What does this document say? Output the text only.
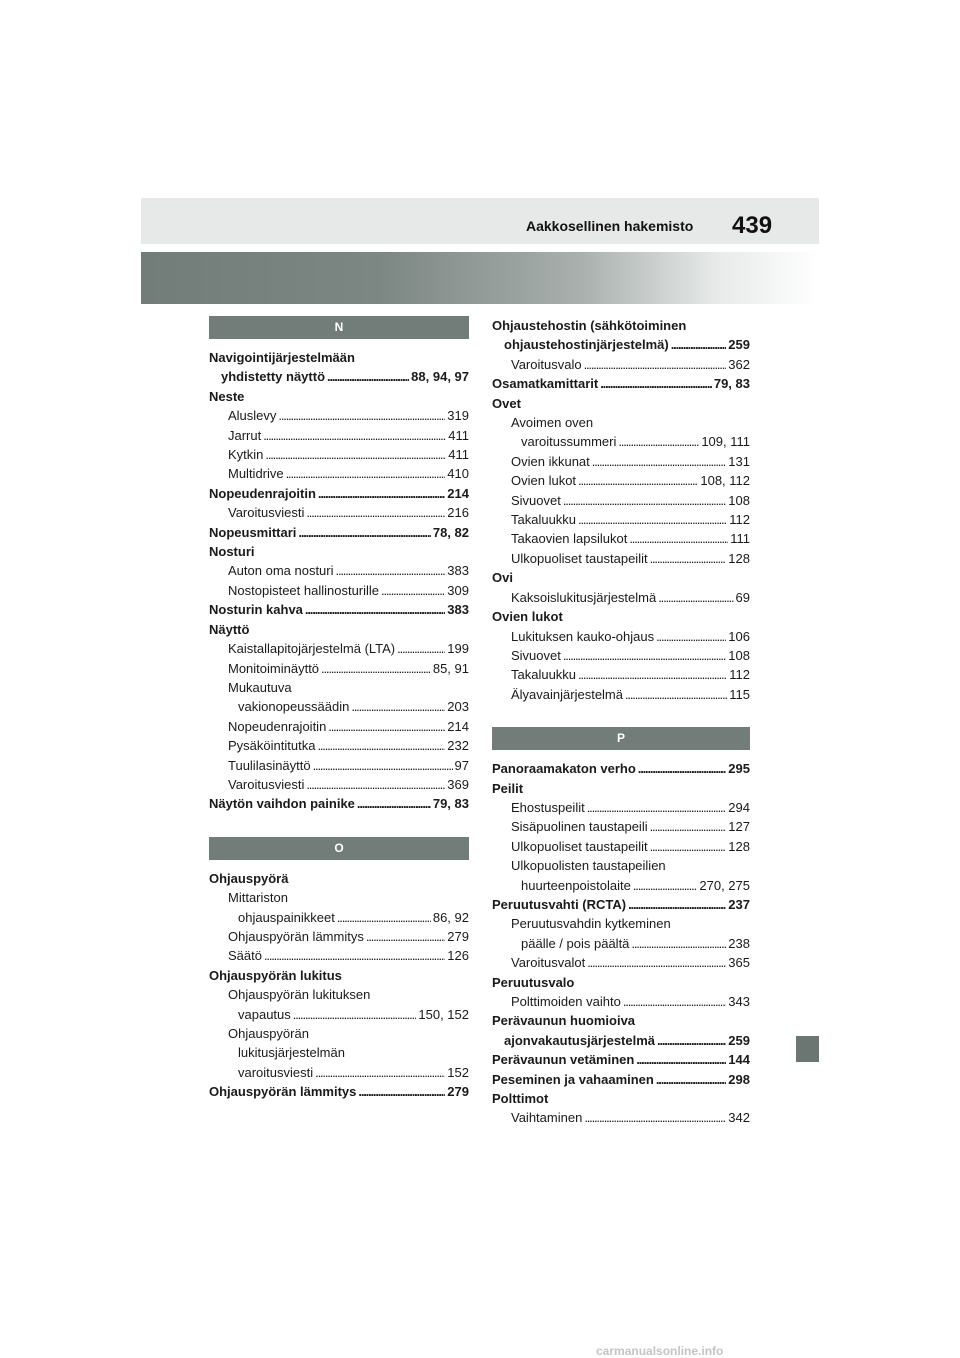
Aakkosellinen hakemisto 439
N
Navigointijärjestelmään
yhdistetty näyttö . . .	88, 94, 97
Neste
Aluslevy . . .	319
Jarrut . . .	411
Kytkin . . .	411
Multidrive . . .	410
Nopeudenrajoitin . . .	214
Varoitusviesti . . .	216
Nopeusmittari . . .	78, 82
Nosturi
Auton oma nosturi . . .	383
Nostopisteet hallinosturille . . .	309
Nosturin kahva . . .	383
Näyttö
Kaistallapitojärjestelmä (LTA) . . .	199
Monitoiminäyttö . . .	85, 91
Mukautuva
vakionopeussäädin . . .	203
Nopeudenrajoitin . . .	214
Pysäköintitutka . . .	232
Tuulilasinäyttö . . .	97
Varoitusviesti . . .	369
Näytön vaihdon painike . . .	79, 83
O
Ohjauspyörä
Mittariston
ohjauspainikkeet . . .	86, 92
Ohjauspyörän lämmitys . . .	279
Säätö . . .	126
Ohjauspyörän lukitus
Ohjauspyörän lukituksen
vapautus . . .	150, 152
Ohjauspyörän
lukitusjärjestelmän
varoitusviesti . . .	152
Ohjauspyörän lämmitys . . .	279
Ohjaustehostin (sähkötoiminen
ohjaustehostinjärjestelmä) . . .	259
Varoitusvalo . . .	362
Osamatkamittarit . . .	79, 83
Ovet
Avoimen oven
varoitussummeri . . .	109, 111
Ovien ikkunat . . .	131
Ovien lukot . . .	108, 112
Sivuovet . . .	108
Takaluukku . . .	112
Takaovien lapsilukot . . .	111
Ulkopuoliset taustapeilit . . .	128
Ovi
Kaksoislukitusjärjestelmä . . .	69
Ovien lukot
Lukituksen kauko-ohjaus . . .	106
Sivuovet . . .	108
Takaluukku . . .	112
Älyavainjärjestelmä . . .	115
P
Panoraamakaton verho . . .	295
Peilit
Ehostuspeilit . . .	294
Sisäpuolinen taustapeili . . .	127
Ulkopuoliset taustapeilit . . .	128
Ulkopuolisten taustapeilien
huurteenpoistolaite . . .	270, 275
Peruutusvahti (RCTA) . . .	237
Peruutusvahdin kytkeminen
päälle / pois päältä . . .	238
Varoitusvalot . . .	365
Peruutusvalo
Polttimoiden vaihto . . .	343
Perävaunun huomioiva
ajonvakautusjärjestelmä . . .	259
Perävaunun vetäminen . . .	144
Peseminen ja vahaaminen . . .	298
Polttimot
Vaihtaminen . . .	342
carmanualsonline.info
